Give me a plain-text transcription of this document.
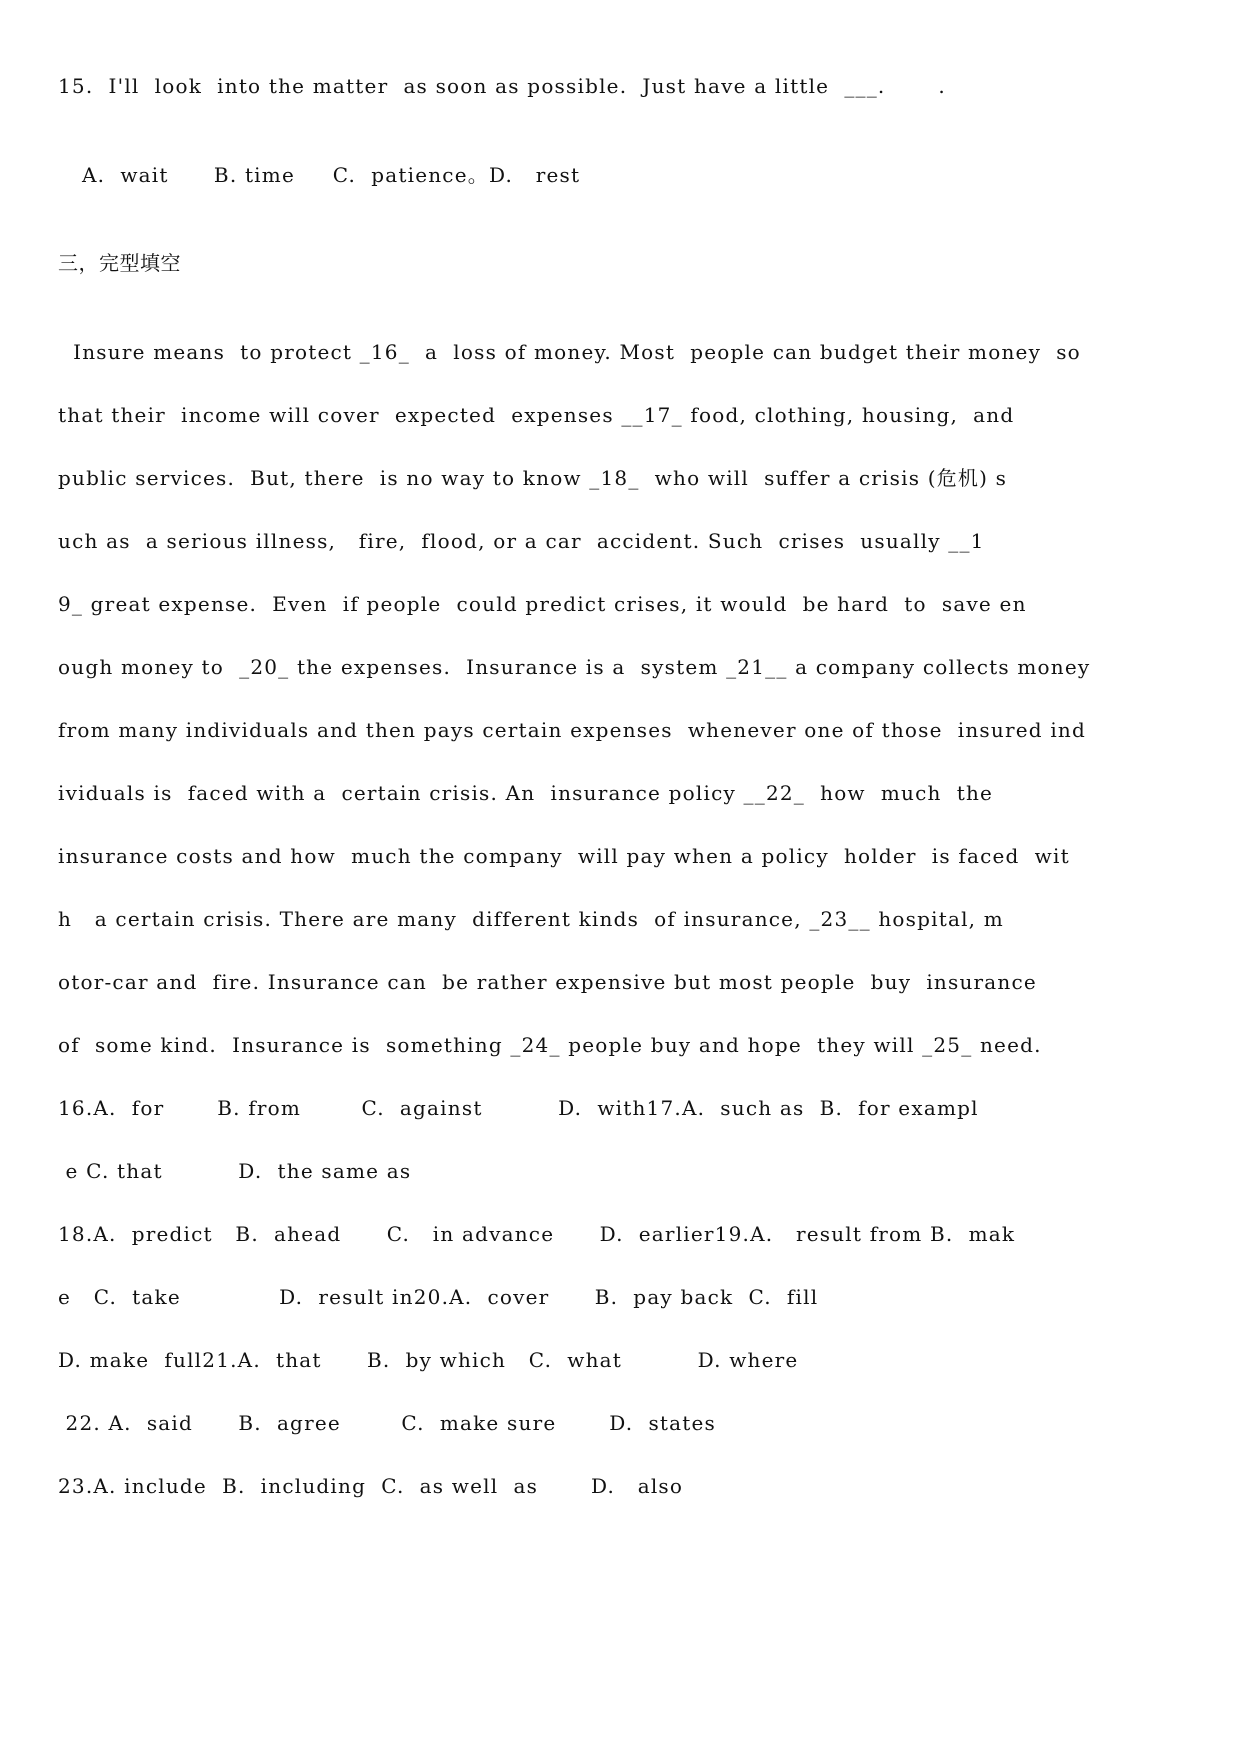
15.  I'll  look  into the matter  as soon as possible.  Just have a little  ___.       .
A.  wait      B. time     C.  patience。D.   rest
三，完型填空
Insure means  to protect _16_  a  loss of money. Most  people can budget their money  so
that their  income will cover  expected  expenses __17_ food, clothing, housing,  and
public services.  But, there  is no way to know _18_  who will  suffer a crisis (危机) s
uch as  a serious illness,   fire,  flood, or a car  accident. Such  crises  usually __1
9_ great expense.  Even  if people  could predict crises, it would  be hard  to  save en
ough money to  _20_ the expenses.  Insurance is a  system _21__ a company collects money
from many individuals and then pays certain expenses  whenever one of those  insured ind
ividuals is  faced with a  certain crisis. An  insurance policy __22_  how  much  the
insurance costs and how  much the company  will pay when a policy  holder  is faced  wit
h   a certain crisis. There are many  different kinds  of insurance, _23__ hospital, m
otor-car and  fire. Insurance can  be rather expensive but most people  buy  insurance
of  some kind.  Insurance is  something _24_ people buy and hope  they will _25_ need.
16.A.  for       B. from        C.  against          D.  with17.A.  such as  B.  for exampl
e C. that          D.  the same as
18.A.  predict   B.  ahead      C.   in advance      D.  earlier19.A.   result from B.  mak
e   C.  take             D.  result in20.A.  cover      B.  pay back  C.  fill
D. make  full21.A.  that      B.  by which   C.  what          D. where
22. A.  said      B.  agree        C.  make sure       D.  states
23.A. include  B.  including  C.  as well  as       D.   also
